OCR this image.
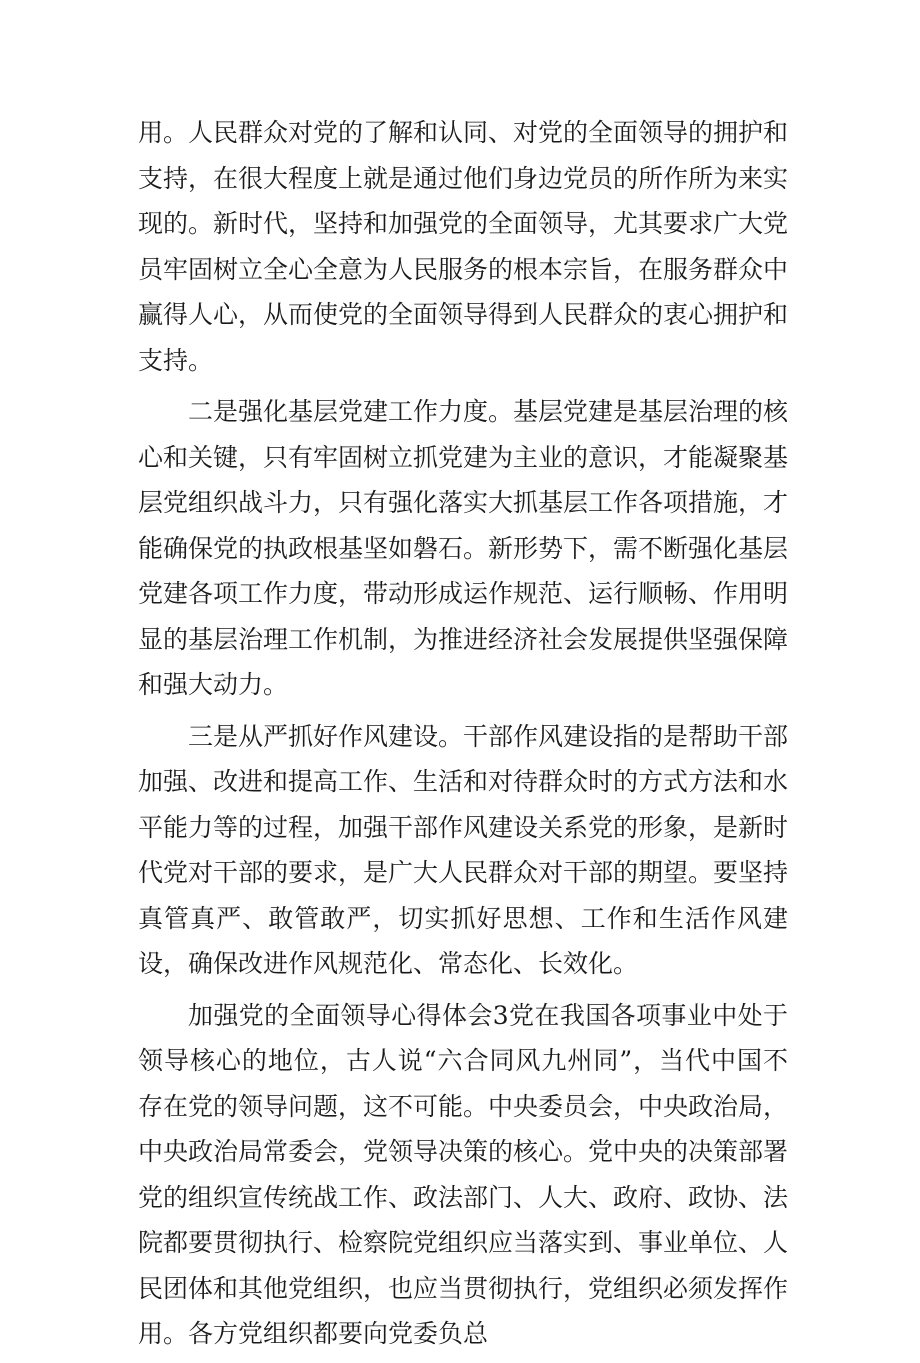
用。人民群众对党的了解和认同、对党的全面领导的拥护和支持，在很大程度上就是通过他们身边党员的所作所为来实现的。新时代，坚持和加强党的全面领导，尤其要求广大党员牢固树立全心全意为人民服务的根本宗旨，在服务群众中赢得人心，从而使党的全面领导得到人民群众的衷心拥护和支持。

二是强化基层党建工作力度。基层党建是基层治理的核心和关键，只有牢固树立抓党建为主业的意识，才能凝聚基层党组织战斗力，只有强化落实大抓基层工作各项措施，才能确保党的执政根基坚如磐石。新形势下，需不断强化基层党建各项工作力度，带动形成运作规范、运行顺畅、作用明显的基层治理工作机制，为推进经济社会发展提供坚强保障和强大动力。

三是从严抓好作风建设。干部作风建设指的是帮助干部加强、改进和提高工作、生活和对待群众时的方式方法和水平能力等的过程，加强干部作风建设关系党的形象，是新时代党对干部的要求，是广大人民群众对干部的期望。要坚持真管真严、敢管敢严，切实抓好思想、工作和生活作风建设，确保改进作风规范化、常态化、长效化。

加强党的全面领导心得体会3党在我国各项事业中处于领导核心的地位，古人说“六合同风九州同”，当代中国不存在党的领导问题，这不可能。中央委员会，中央政治局，中央政治局常委会，党领导决策的核心。党中央的决策部署党的组织宣传统战工作、政法部门、人大、政府、政协、法院都要贯彻执行、检察院党组织应当落实到、事业单位、人民团体和其他党组织，也应当贯彻执行，党组织必须发挥作用。各方党组织都要向党委负总
